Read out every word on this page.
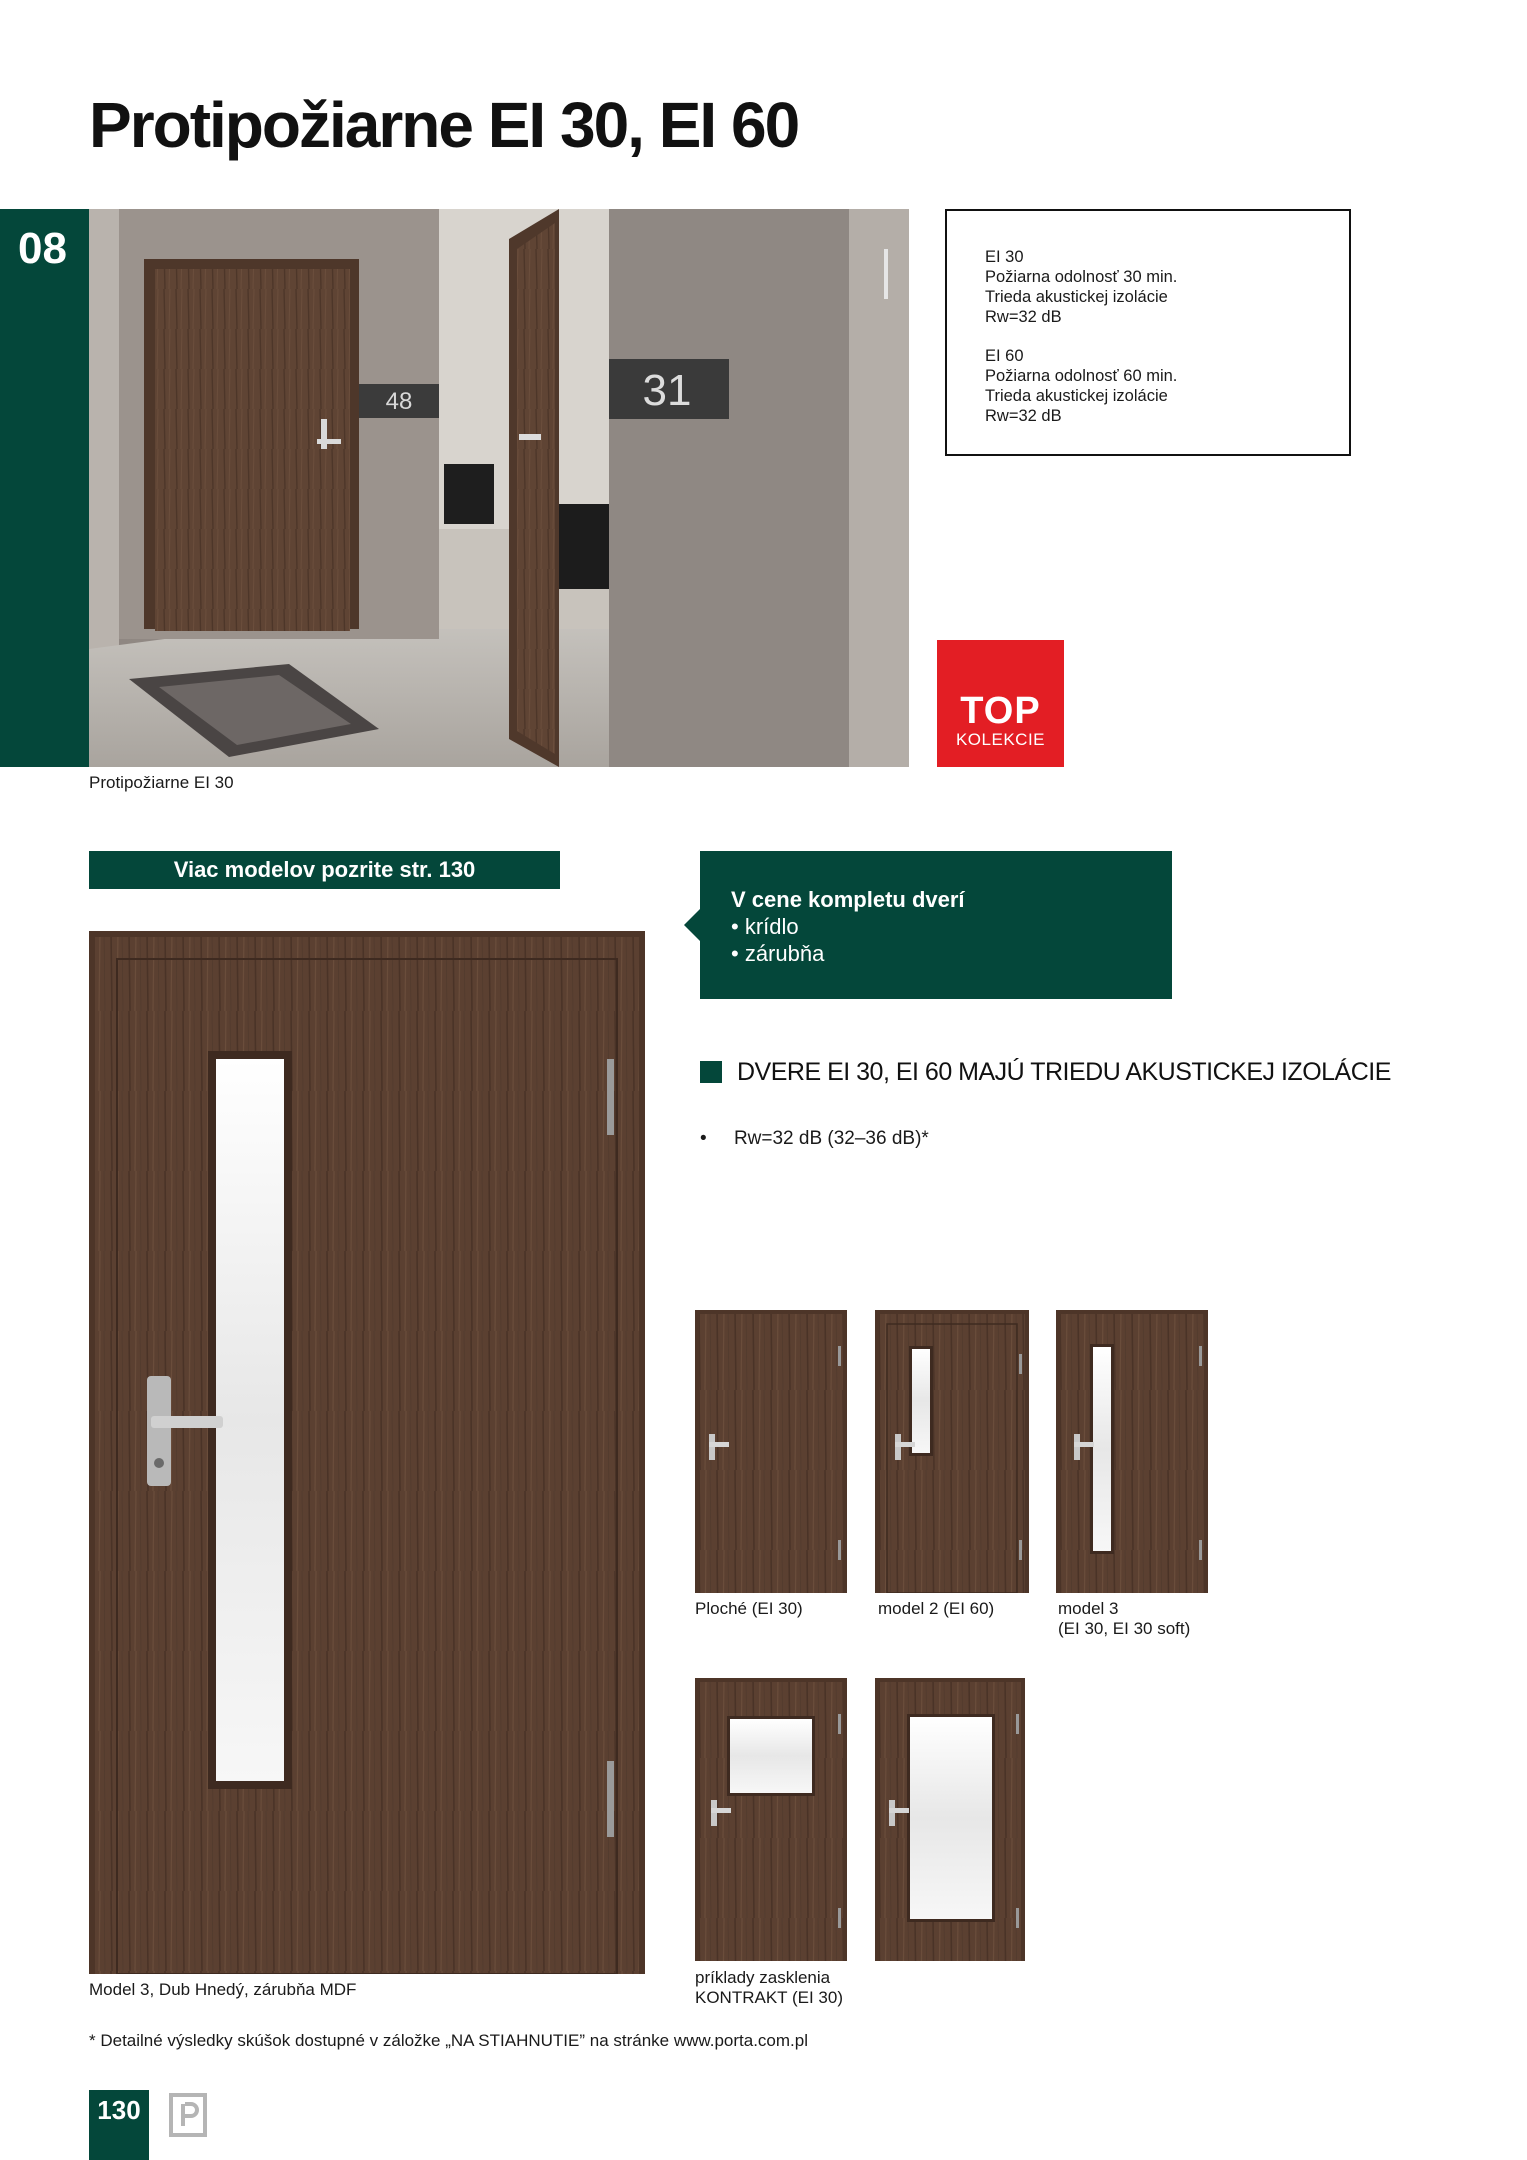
Protipožiarne EI 30, EI 60
08
48	31
Protipožiarne EI 30

EI 30

Požiarna odolnosť 30 min.

Trieda akustickej izolácie

Rw=32 dB

EI 60

Požiarna odolnosť 60 min.

Trieda akustickej izolácie

Rw=32 dB

TOP
KOLEKCIE
Viac modelov pozrite str. 130
V cene kompletu dverí
• krídlo
• zárubňa
DVERE EI 30, EI 60 MAJÚ TRIEDU AKUSTICKEJ IZOLÁCIE
• Rw=32 dB (32–36 dB)*
Model 3, Dub Hnedý, zárubňa MDF
Ploché (EI 30)	model 2 (EI 60)	model 3
(EI 30, EI 30 soft)
príklady zasklenia
KONTRAKT (EI 30)
* Detailné výsledky skúšok dostupné v záložke „NA STIAHNUTIE” na stránke www.porta.com.pl
130
